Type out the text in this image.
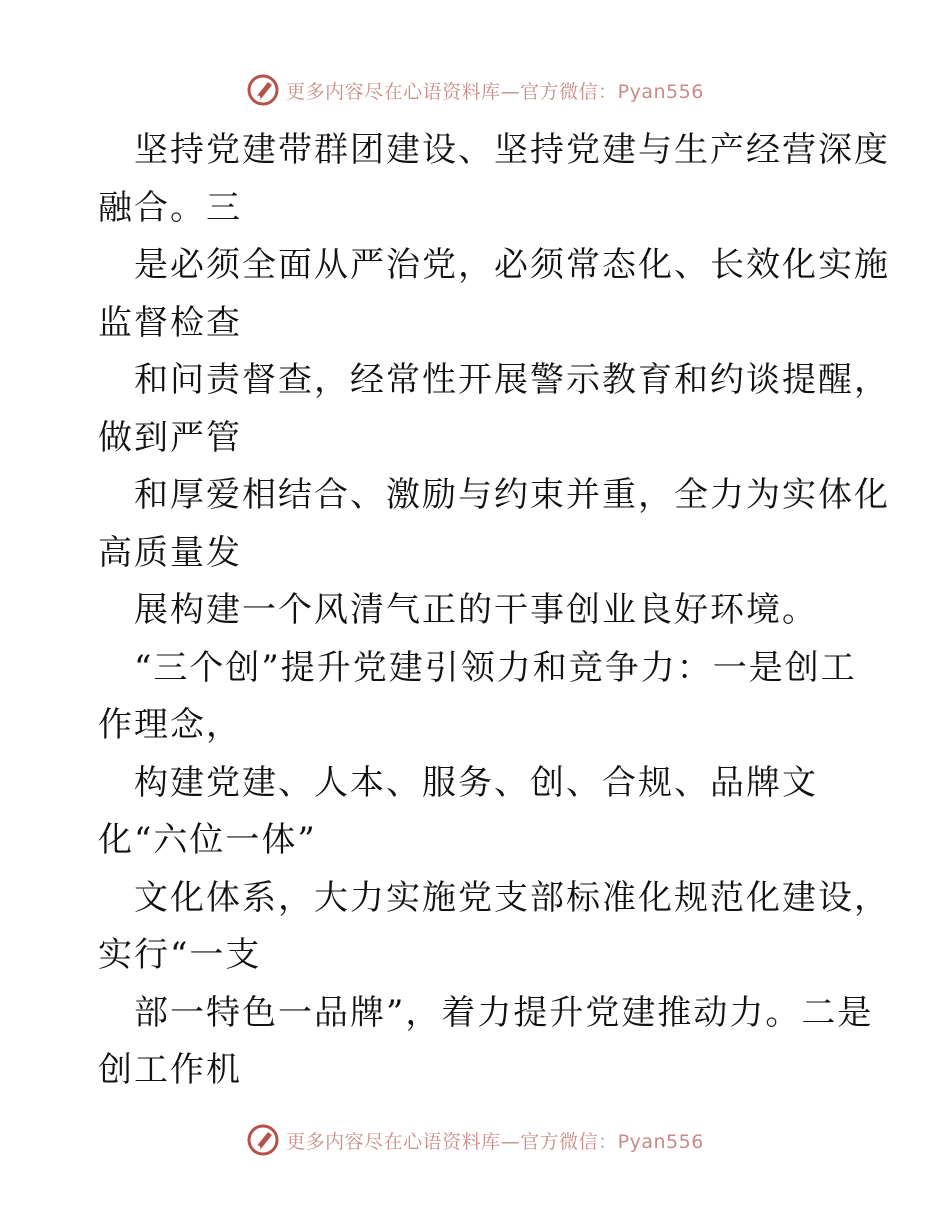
更多内容尽在心语资料库—官方微信：Pyan556

坚持党建带群团建设、坚持党建与生产经营深度
融合。三

是必须全面从严治党，必须常态化、长效化实施
监督检查

和问责督查，经常性开展警示教育和约谈提醒，
做到严管

和厚爱相结合、激励与约束并重，全力为实体化
高质量发

展构建一个风清气正的干事创业良好环境。

“三个创”提升党建引领力和竞争力：一是创工
作理念，

构建党建、人本、服务、创、合规、品牌文
化“六位一体”

文化体系，大力实施党支部标准化规范化建设，
实行“一支

部一特色一品牌”，着力提升党建推动力。二是
创工作机

更多内容尽在心语资料库—官方微信：Pyan556
